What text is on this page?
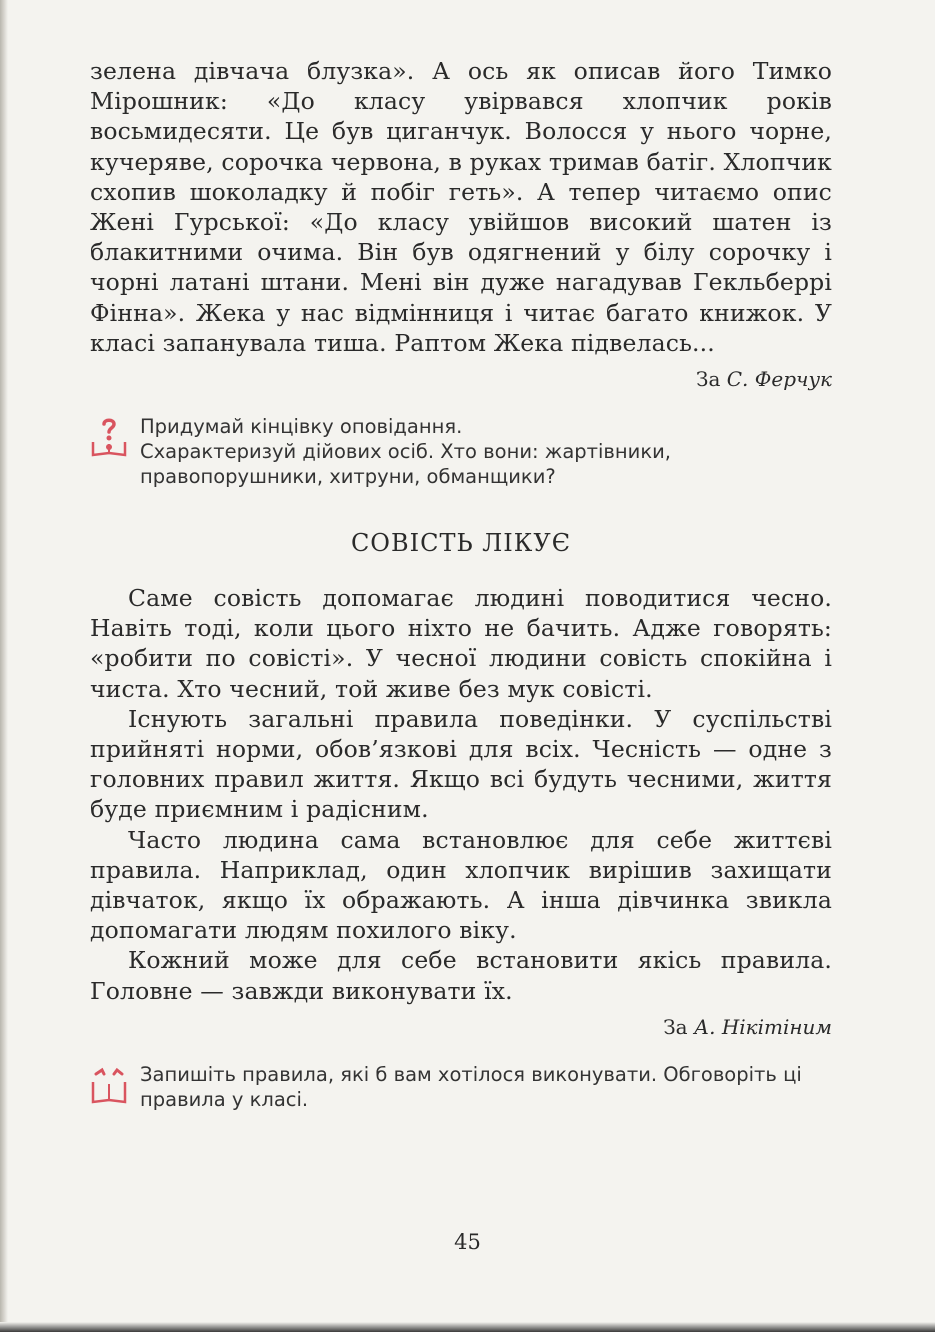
зелена дівчача блузка». А ось як описав його Тимко Мірошник: «До класу увірвався хлопчик років восьмидесяти. Це був циганчук. Волосся у нього чорне, кучеряве, сорочка червона, в руках тримав батіг. Хлопчик схопив шоколадку й побіг геть». А тепер читаємо опис Жені Гурської: «До класу увійшов високий шатен із блакитними очима. Він був одягнений у білу сорочку і чорні латані штани. Мені він дуже нагадував Гекльберрі Фінна». Жека у нас відмінниця і читає багато книжок. У класі запанувала тиша. Раптом Жека підвелась...

За С. Ферчук

Придумай кінцівку оповідання.

Схарактеризуй дійових осіб. Хто вони: жартівники, правопорушники, хитруни, обманщики?

СОВІСТЬ ЛІКУЄ

Саме совість допомагає людині поводитися чесно. Навіть тоді, коли цього ніхто не бачить. Адже говорять: «робити по совісті». У чесної людини совість спокійна і чиста. Хто чесний, той живе без мук совісті.

Існують загальні правила поведінки. У суспільстві прийняті норми, обов’язкові для всіх. Чесність — одне з головних правил життя. Якщо всі будуть чесними, життя буде приємним і радісним.

Часто людина сама встановлює для себе життєві правила. Наприклад, один хлопчик вирішив захищати дівчаток, якщо їх ображають. А інша дівчинка звикла допомагати людям похилого віку.

Кожний може для себе встановити якісь правила. Головне — завжди виконувати їх.

За А. Нікітіним

Запишіть правила, які б вам хотілося виконувати. Обговоріть ці правила у класі.

45
